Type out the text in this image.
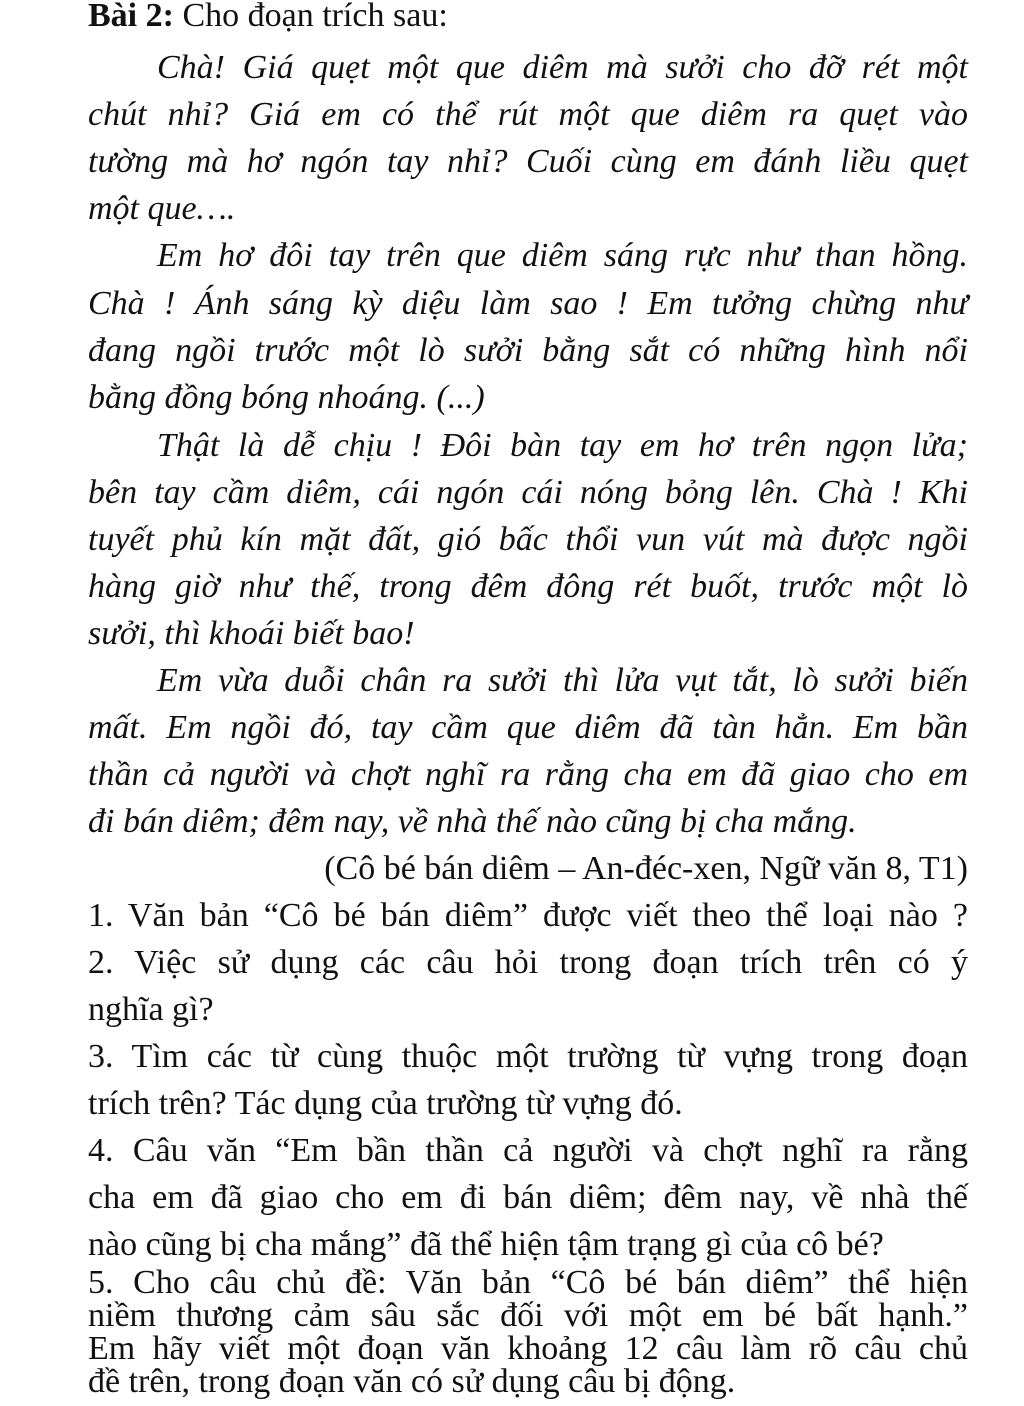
Bài 2: Cho đoạn trích sau:
Chà! Giá quẹt một que diêm mà sưởi cho đỡ rét một
chút nhỉ? Giá em có thể rút một que diêm ra quẹt vào
tường mà hơ ngón tay nhỉ? Cuối cùng em đánh liều quẹt
một que….
Em hơ đôi tay trên que diêm sáng rực như than hồng.
Chà ! Ánh sáng kỳ diệu làm sao ! Em tưởng chừng như
đang ngồi trước một lò sưởi bằng sắt có những hình nổi
bằng đồng bóng nhoáng. (...)
Thật là dễ chịu ! Đôi bàn tay em hơ trên ngọn lửa;
bên tay cầm diêm, cái ngón cái nóng bỏng lên. Chà ! Khi
tuyết phủ kín mặt đất, gió bấc thổi vun vút mà được ngồi
hàng giờ như thế, trong đêm đông rét buốt, trước một lò
sưởi, thì khoái biết bao!
Em vừa duỗi chân ra sưởi thì lửa vụt tắt, lò sưởi biến
mất. Em ngồi đó, tay cầm que diêm đã tàn hẳn. Em bần
thần cả người và chợt nghĩ ra rằng cha em đã giao cho em
đi bán diêm; đêm nay, về nhà thế nào cũng bị cha mắng.
(Cô bé bán diêm – An-đéc-xen, Ngữ văn 8, T1)
1. Văn bản “Cô bé bán diêm” được viết theo thể loại nào ?
2. Việc sử dụng các câu hỏi trong đoạn trích trên có ý
nghĩa gì?
3. Tìm các từ cùng thuộc một trường từ vựng trong đoạn
trích trên? Tác dụng của trường từ vựng đó.
4. Câu văn “Em bần thần cả người và chợt nghĩ ra rằng
cha em đã giao cho em đi bán diêm; đêm nay, về nhà thế
nào cũng bị cha mắng” đã thể hiện tậm trạng gì của cô bé?
5. Cho câu chủ đề: Văn bản “Cô bé bán diêm” thể hiện
niềm thương cảm sâu sắc đối với một em bé bất hạnh.”
Em hãy viết một đoạn văn khoảng 12 câu làm rõ câu chủ
đề trên, trong đoạn văn có sử dụng câu bị động.
